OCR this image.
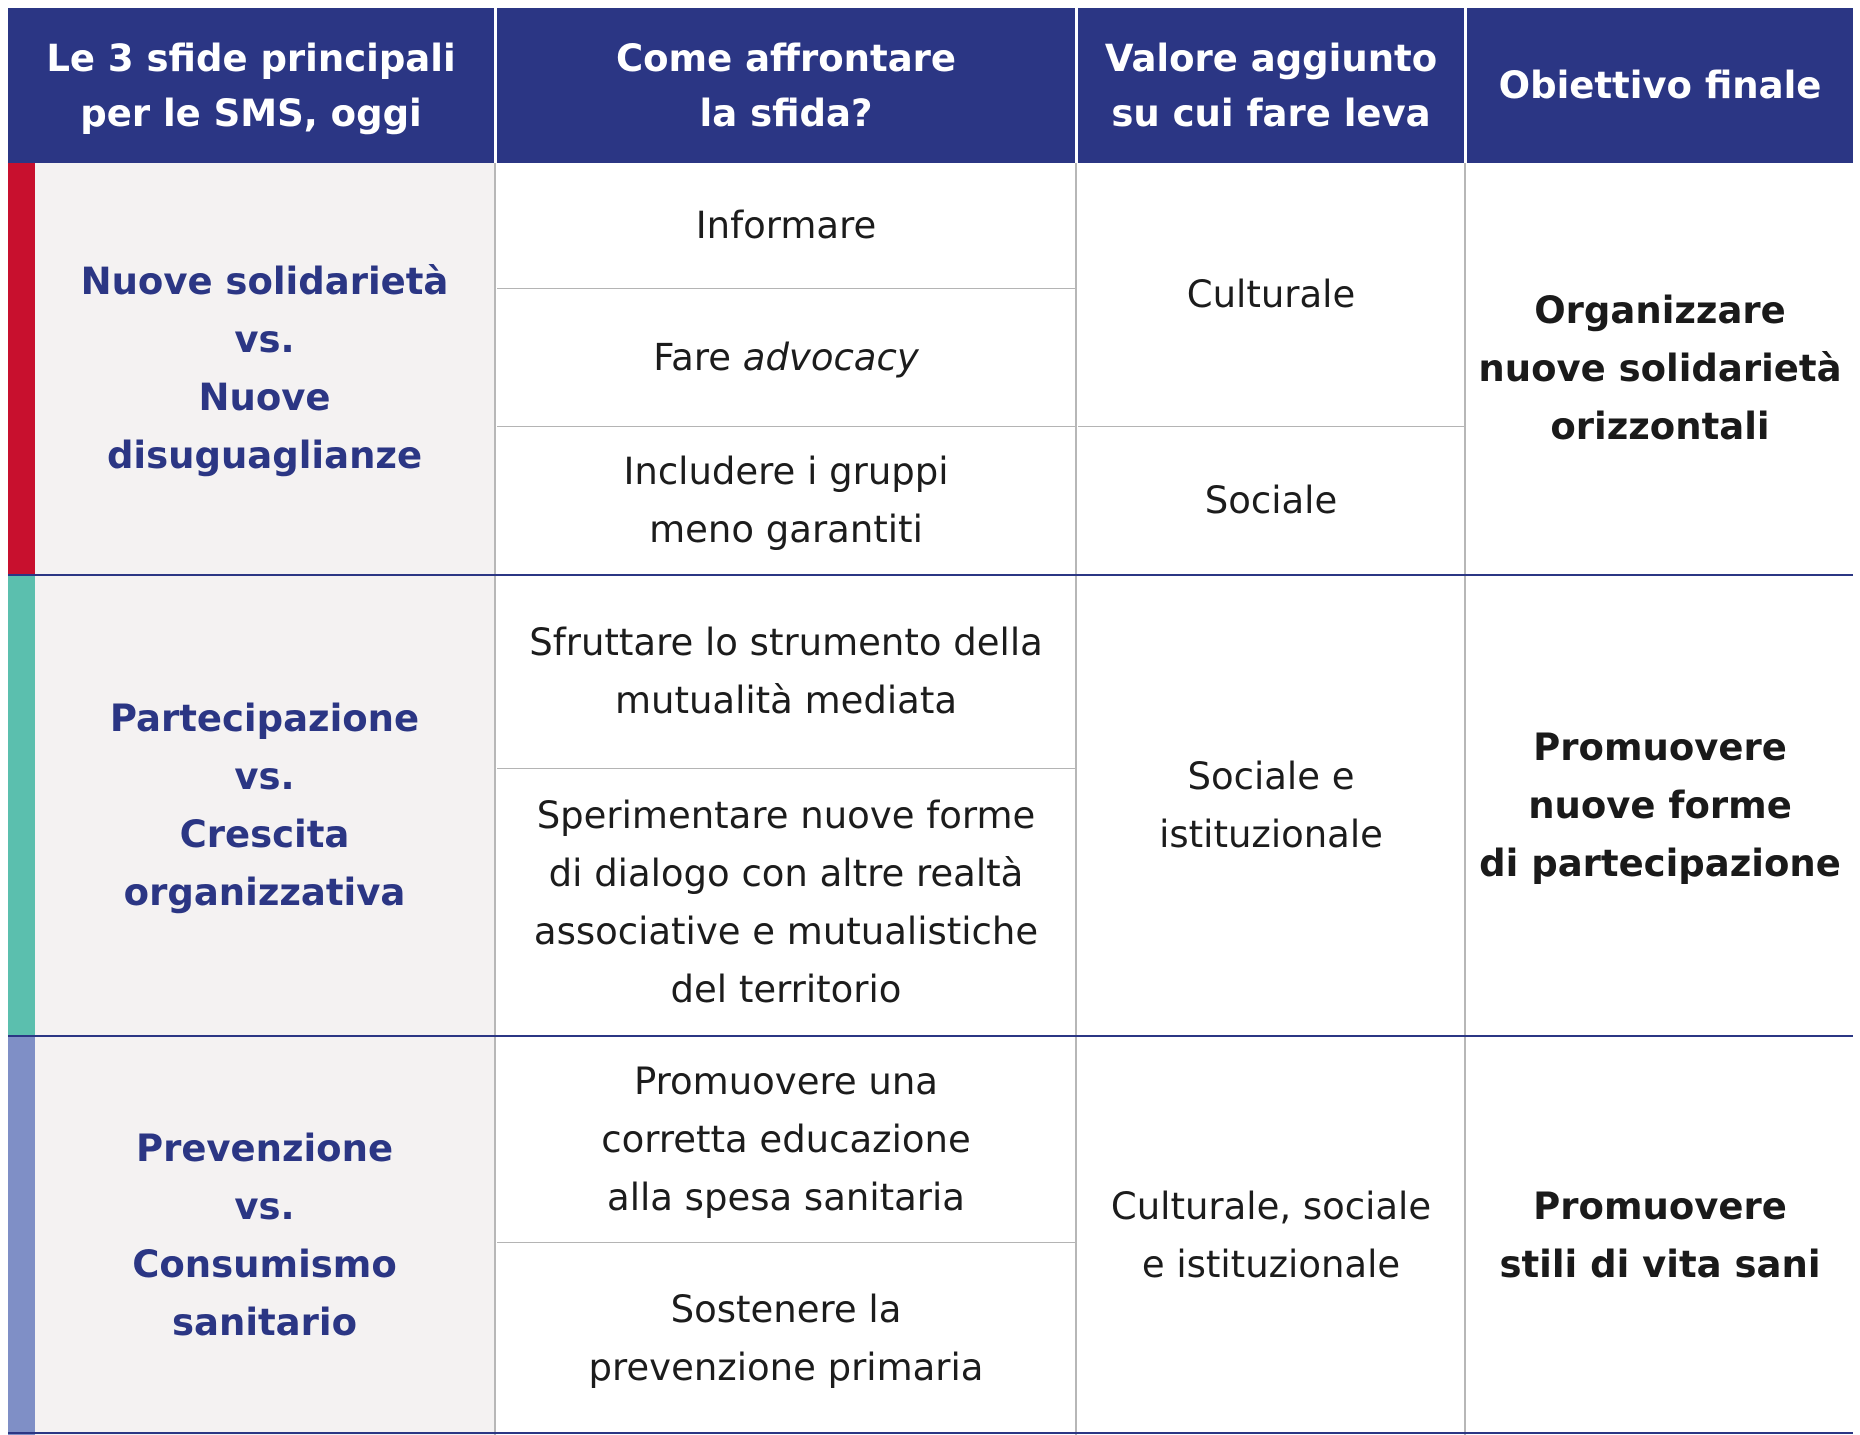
Le 3 sfide principali
per le SMS, oggi
Come affrontare
la sfida?
Valore aggiunto
su cui fare leva
Obiettivo finale
Nuove solidarietà
vs.
Nuove disuguaglianze
Informare
Fare advocacy
Includere i gruppi
meno garantiti
Culturale
Sociale
Organizzare
nuove solidarietà
orizzontali
Partecipazione
vs.
Crescita organizzativa
Sfruttare lo strumento della
mutualità mediata
Sperimentare nuove forme
di dialogo con altre realtà
associative e mutualistiche
del territorio
Sociale e
istituzionale
Promuovere
nuove forme
di partecipazione
Prevenzione
vs.
Consumismo sanitario
Promuovere una
corretta educazione
alla spesa sanitaria
Sostenere la
prevenzione primaria
Culturale, sociale
e istituzionale
Promuovere
stili di vita sani
